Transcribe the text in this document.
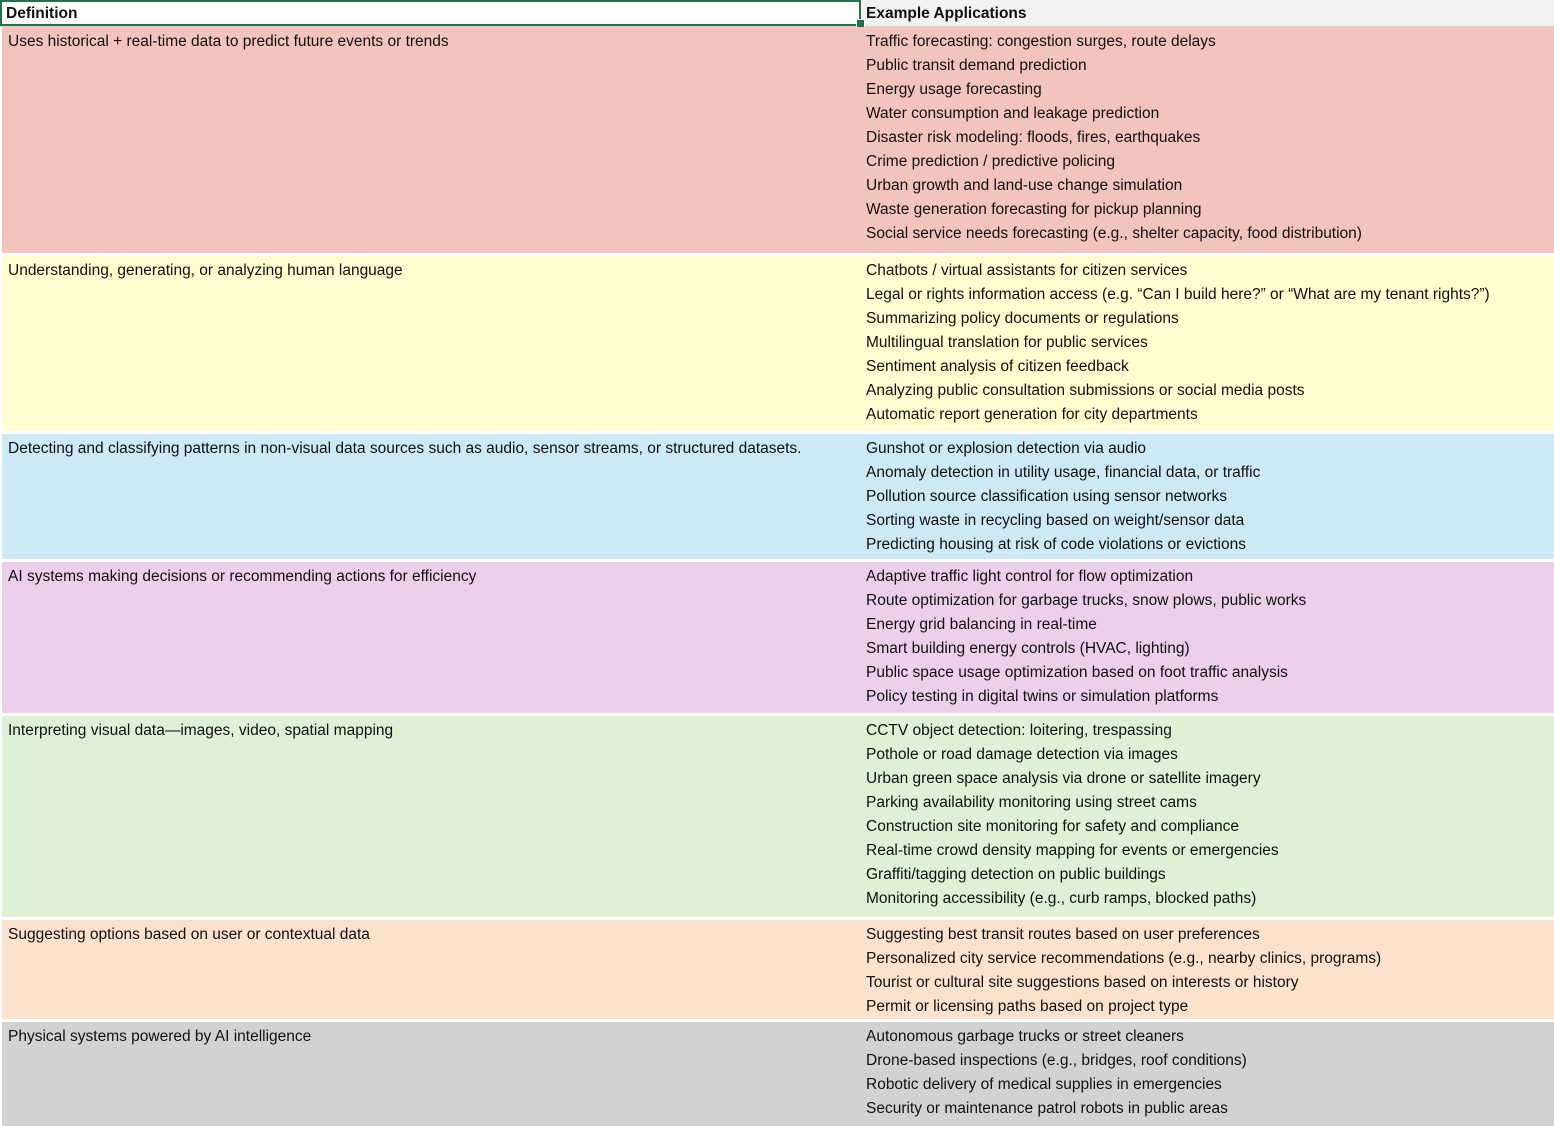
Definition	Example Applications
Uses historical + real-time data to predict future events or trends	Traffic forecasting: congestion surges, route delays
Public transit demand prediction
Energy usage forecasting
Water consumption and leakage prediction
Disaster risk modeling: floods, fires, earthquakes
Crime prediction / predictive policing
Urban growth and land-use change simulation
Waste generation forecasting for pickup planning
Social service needs forecasting (e.g., shelter capacity, food distribution)
Understanding, generating, or analyzing human language	Chatbots / virtual assistants for citizen services
Legal or rights information access (e.g. “Can I build here?” or “What are my tenant rights?”)
Summarizing policy documents or regulations
Multilingual translation for public services
Sentiment analysis of citizen feedback
Analyzing public consultation submissions or social media posts
Automatic report generation for city departments
Detecting and classifying patterns in non-visual data sources such as audio, sensor streams, or structured datasets.	Gunshot or explosion detection via audio
Anomaly detection in utility usage, financial data, or traffic
Pollution source classification using sensor networks
Sorting waste in recycling based on weight/sensor data
Predicting housing at risk of code violations or evictions
AI systems making decisions or recommending actions for efficiency	Adaptive traffic light control for flow optimization
Route optimization for garbage trucks, snow plows, public works
Energy grid balancing in real-time
Smart building energy controls (HVAC, lighting)
Public space usage optimization based on foot traffic analysis
Policy testing in digital twins or simulation platforms
Interpreting visual data—images, video, spatial mapping	CCTV object detection: loitering, trespassing
Pothole or road damage detection via images
Urban green space analysis via drone or satellite imagery
Parking availability monitoring using street cams
Construction site monitoring for safety and compliance
Real-time crowd density mapping for events or emergencies
Graffiti/tagging detection on public buildings
Monitoring accessibility (e.g., curb ramps, blocked paths)
Suggesting options based on user or contextual data	Suggesting best transit routes based on user preferences
Personalized city service recommendations (e.g., nearby clinics, programs)
Tourist or cultural site suggestions based on interests or history
Permit or licensing paths based on project type
Physical systems powered by AI intelligence	Autonomous garbage trucks or street cleaners
Drone-based inspections (e.g., bridges, roof conditions)
Robotic delivery of medical supplies in emergencies
Security or maintenance patrol robots in public areas
